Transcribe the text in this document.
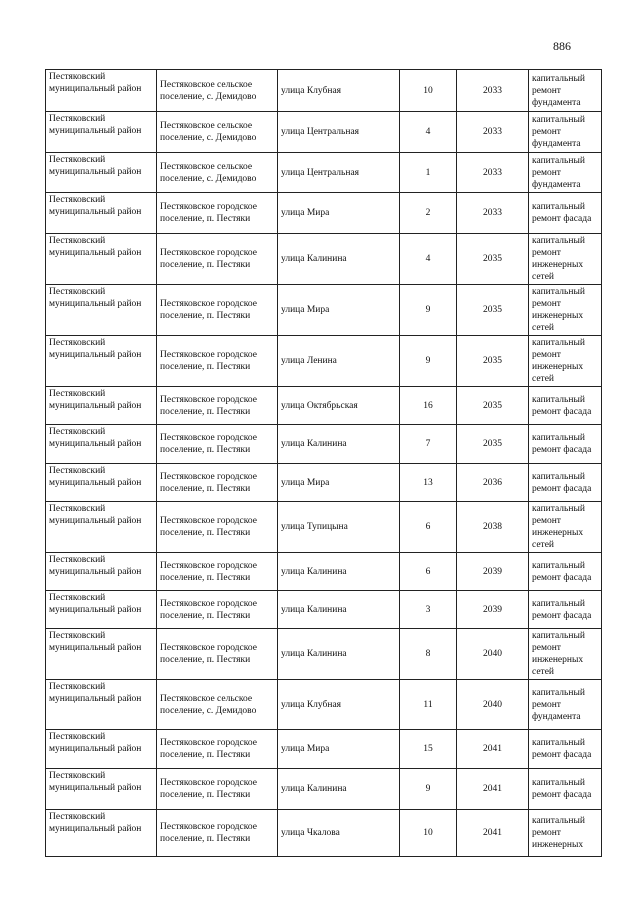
886
Пестяковский муниципальный район	Пестяковское сельское поселение, с. Демидово	улица Клубная	10	2033	капитальный ремонт фундамента
Пестяковский муниципальный район	Пестяковское сельское поселение, с. Демидово	улица Центральная	4	2033	капитальный ремонт фундамента
Пестяковский муниципальный район	Пестяковское сельское поселение, с. Демидово	улица Центральная	1	2033	капитальный ремонт фундамента
Пестяковский муниципальный район	Пестяковское городское поселение, п. Пестяки	улица Мира	2	2033	капитальный ремонт фасада
Пестяковский муниципальный район	Пестяковское городское поселение, п. Пестяки	улица Калинина	4	2035	капитальный ремонт инженерных сетей
Пестяковский муниципальный район	Пестяковское городское поселение, п. Пестяки	улица Мира	9	2035	капитальный ремонт инженерных сетей
Пестяковский муниципальный район	Пестяковское городское поселение, п. Пестяки	улица Ленина	9	2035	капитальный ремонт инженерных сетей
Пестяковский муниципальный район	Пестяковское городское поселение, п. Пестяки	улица Октябрьская	16	2035	капитальный ремонт фасада
Пестяковский муниципальный район	Пестяковское городское поселение, п. Пестяки	улица Калинина	7	2035	капитальный ремонт фасада
Пестяковский муниципальный район	Пестяковское городское поселение, п. Пестяки	улица Мира	13	2036	капитальный ремонт фасада
Пестяковский муниципальный район	Пестяковское городское поселение, п. Пестяки	улица Тупицына	6	2038	капитальный ремонт инженерных сетей
Пестяковский муниципальный район	Пестяковское городское поселение, п. Пестяки	улица Калинина	6	2039	капитальный ремонт фасада
Пестяковский муниципальный район	Пестяковское городское поселение, п. Пестяки	улица Калинина	3	2039	капитальный ремонт фасада
Пестяковский муниципальный район	Пестяковское городское поселение, п. Пестяки	улица Калинина	8	2040	капитальный ремонт инженерных сетей
Пестяковский муниципальный район	Пестяковское сельское поселение, с. Демидово	улица Клубная	11	2040	капитальный ремонт фундамента
Пестяковский муниципальный район	Пестяковское городское поселение, п. Пестяки	улица Мира	15	2041	капитальный ремонт фасада
Пестяковский муниципальный район	Пестяковское городское поселение, п. Пестяки	улица Калинина	9	2041	капитальный ремонт фасада
Пестяковский муниципальный район	Пестяковское городское поселение, п. Пестяки	улица Чкалова	10	2041	капитальный ремонт инженерных
